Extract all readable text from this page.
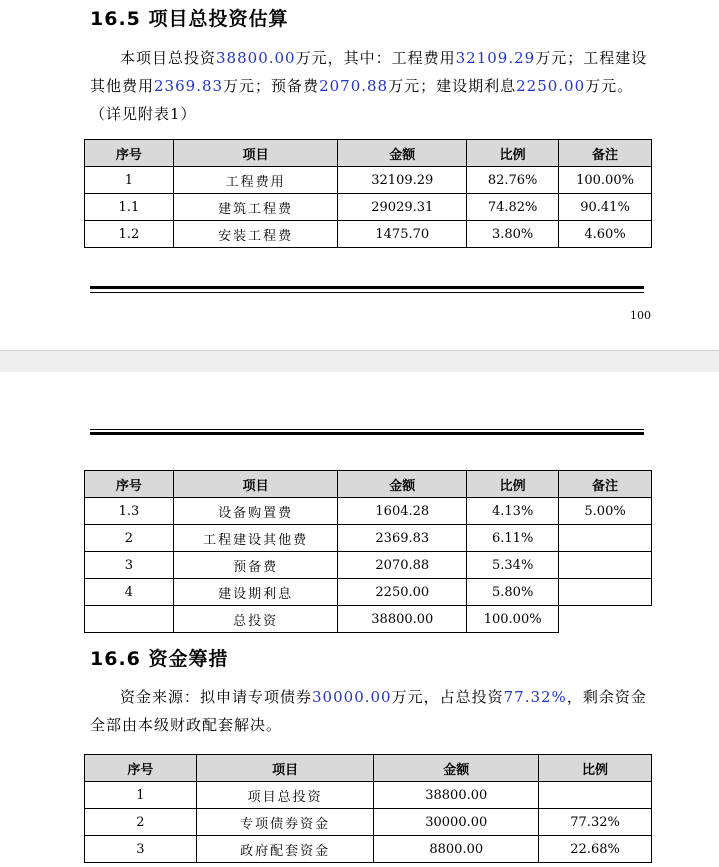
16.5 项目总投资估算

本项目总投资38800.00万元，其中：工程费用32109.29万元；工程建设其他费用2369.83万元；预备费2070.88万元；建设期利息2250.00万元。（详见附表1）

序号	项目	金额	比例	备注
1	工程费用	32109.29	82.76%	100.00%
1.1	建筑工程费	29029.31	74.82%	90.41%
1.2	安装工程费	1475.70	3.80%	4.60%
100
序号	项目	金额	比例	备注
1.3	设备购置费	1604.28	4.13%	5.00%
2	工程建设其他费	2369.83	6.11%	
3	预备费	2070.88	5.34%	
4	建设期利息	2250.00	5.80%	
	总投资	38800.00	100.00%	
16.6 资金筹措

资金来源：拟申请专项债券30000.00万元，占总投资77.32%，剩余资金全部由本级财政配套解决。

序号	项目	金额	比例
1	项目总投资	38800.00	
2	专项债券资金	30000.00	77.32%
3	政府配套资金	8800.00	22.68%
